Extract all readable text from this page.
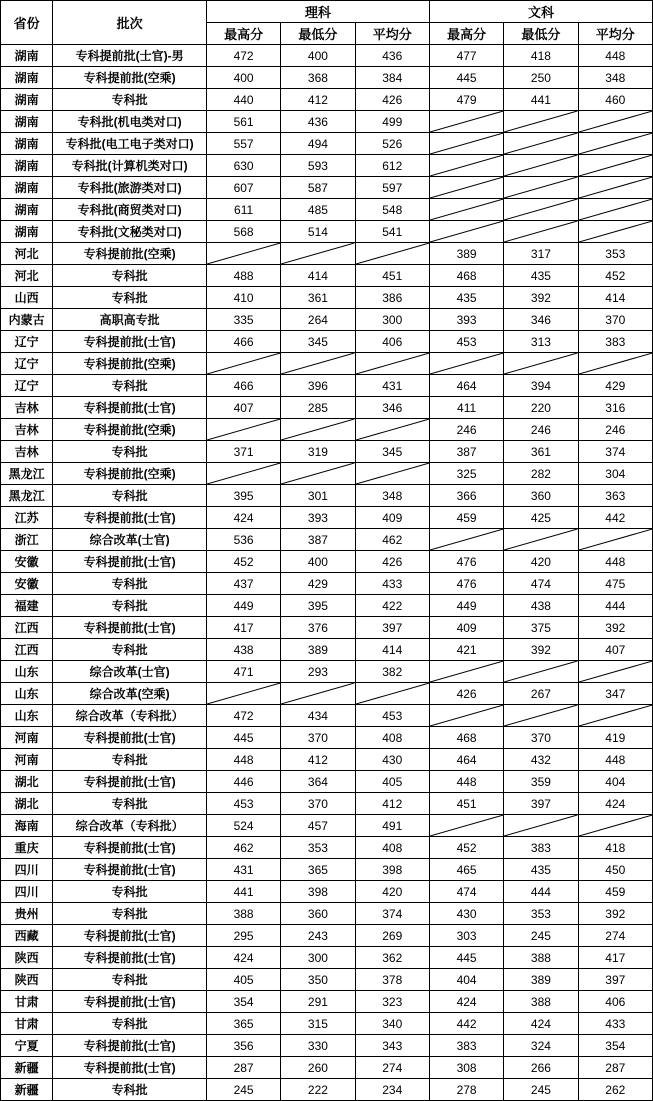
省份	批次	理科			文科		
		最高分	最低分	平均分	最高分	最低分	平均分
湖南	专科提前批(士官)-男	472	400	436	477	418	448
湖南	专科提前批(空乘)	400	368	384	445	250	348
湖南	专科批	440	412	426	479	441	460
湖南	专科批(机电类对口)	561	436	499	

湖南	专科批(电工电子类对口)	557	494	526	

湖南	专科批(计算机类对口)	630	593	612	

湖南	专科批(旅游类对口)	607	587	597	

湖南	专科批(商贸类对口)	611	485	548	

湖南	专科批(文秘类对口)	568	514	541	

河北	专科提前批(空乘)				389	317	353
河北	专科批	488	414	451	468	435	452
山西	专科批	410	361	386	435	392	414
内蒙古	高职高专批	335	264	300	393	346	370
辽宁	专科提前批(士官)	466	345	406	453	313	383
辽宁	专科提前批(空乘)	

辽宁	专科批	466	396	431	464	394	429
吉林	专科提前批(士官)	407	285	346	411	220	316
吉林	专科提前批(空乘)				246	246	246
吉林	专科批	371	319	345	387	361	374
黑龙江	专科提前批(空乘)				325	282	304
黑龙江	专科批	395	301	348	366	360	363
江苏	专科提前批(士官)	424	393	409	459	425	442
浙江	综合改革(士官)	536	387	462	

安徽	专科提前批(士官)	452	400	426	476	420	448
安徽	专科批	437	429	433	476	474	475
福建	专科批	449	395	422	449	438	444
江西	专科提前批(士官)	417	376	397	409	375	392
江西	专科批	438	389	414	421	392	407
山东	综合改革(士官)	471	293	382	

山东	综合改革(空乘)				426	267	347
山东	综合改革（专科批）	472	434	453	

河南	专科提前批(士官)	445	370	408	468	370	419
河南	专科批	448	412	430	464	432	448
湖北	专科提前批(士官)	446	364	405	448	359	404
湖北	专科批	453	370	412	451	397	424
海南	综合改革（专科批）	524	457	491	

重庆	专科提前批(士官)	462	353	408	452	383	418
四川	专科提前批(士官)	431	365	398	465	435	450
四川	专科批	441	398	420	474	444	459
贵州	专科批	388	360	374	430	353	392
西藏	专科提前批(士官)	295	243	269	303	245	274
陕西	专科提前批(士官)	424	300	362	445	388	417
陕西	专科批	405	350	378	404	389	397
甘肃	专科提前批(士官)	354	291	323	424	388	406
甘肃	专科批	365	315	340	442	424	433
宁夏	专科提前批(士官)	356	330	343	383	324	354
新疆	专科提前批(士官)	287	260	274	308	266	287
新疆	专科批	245	222	234	278	245	262
